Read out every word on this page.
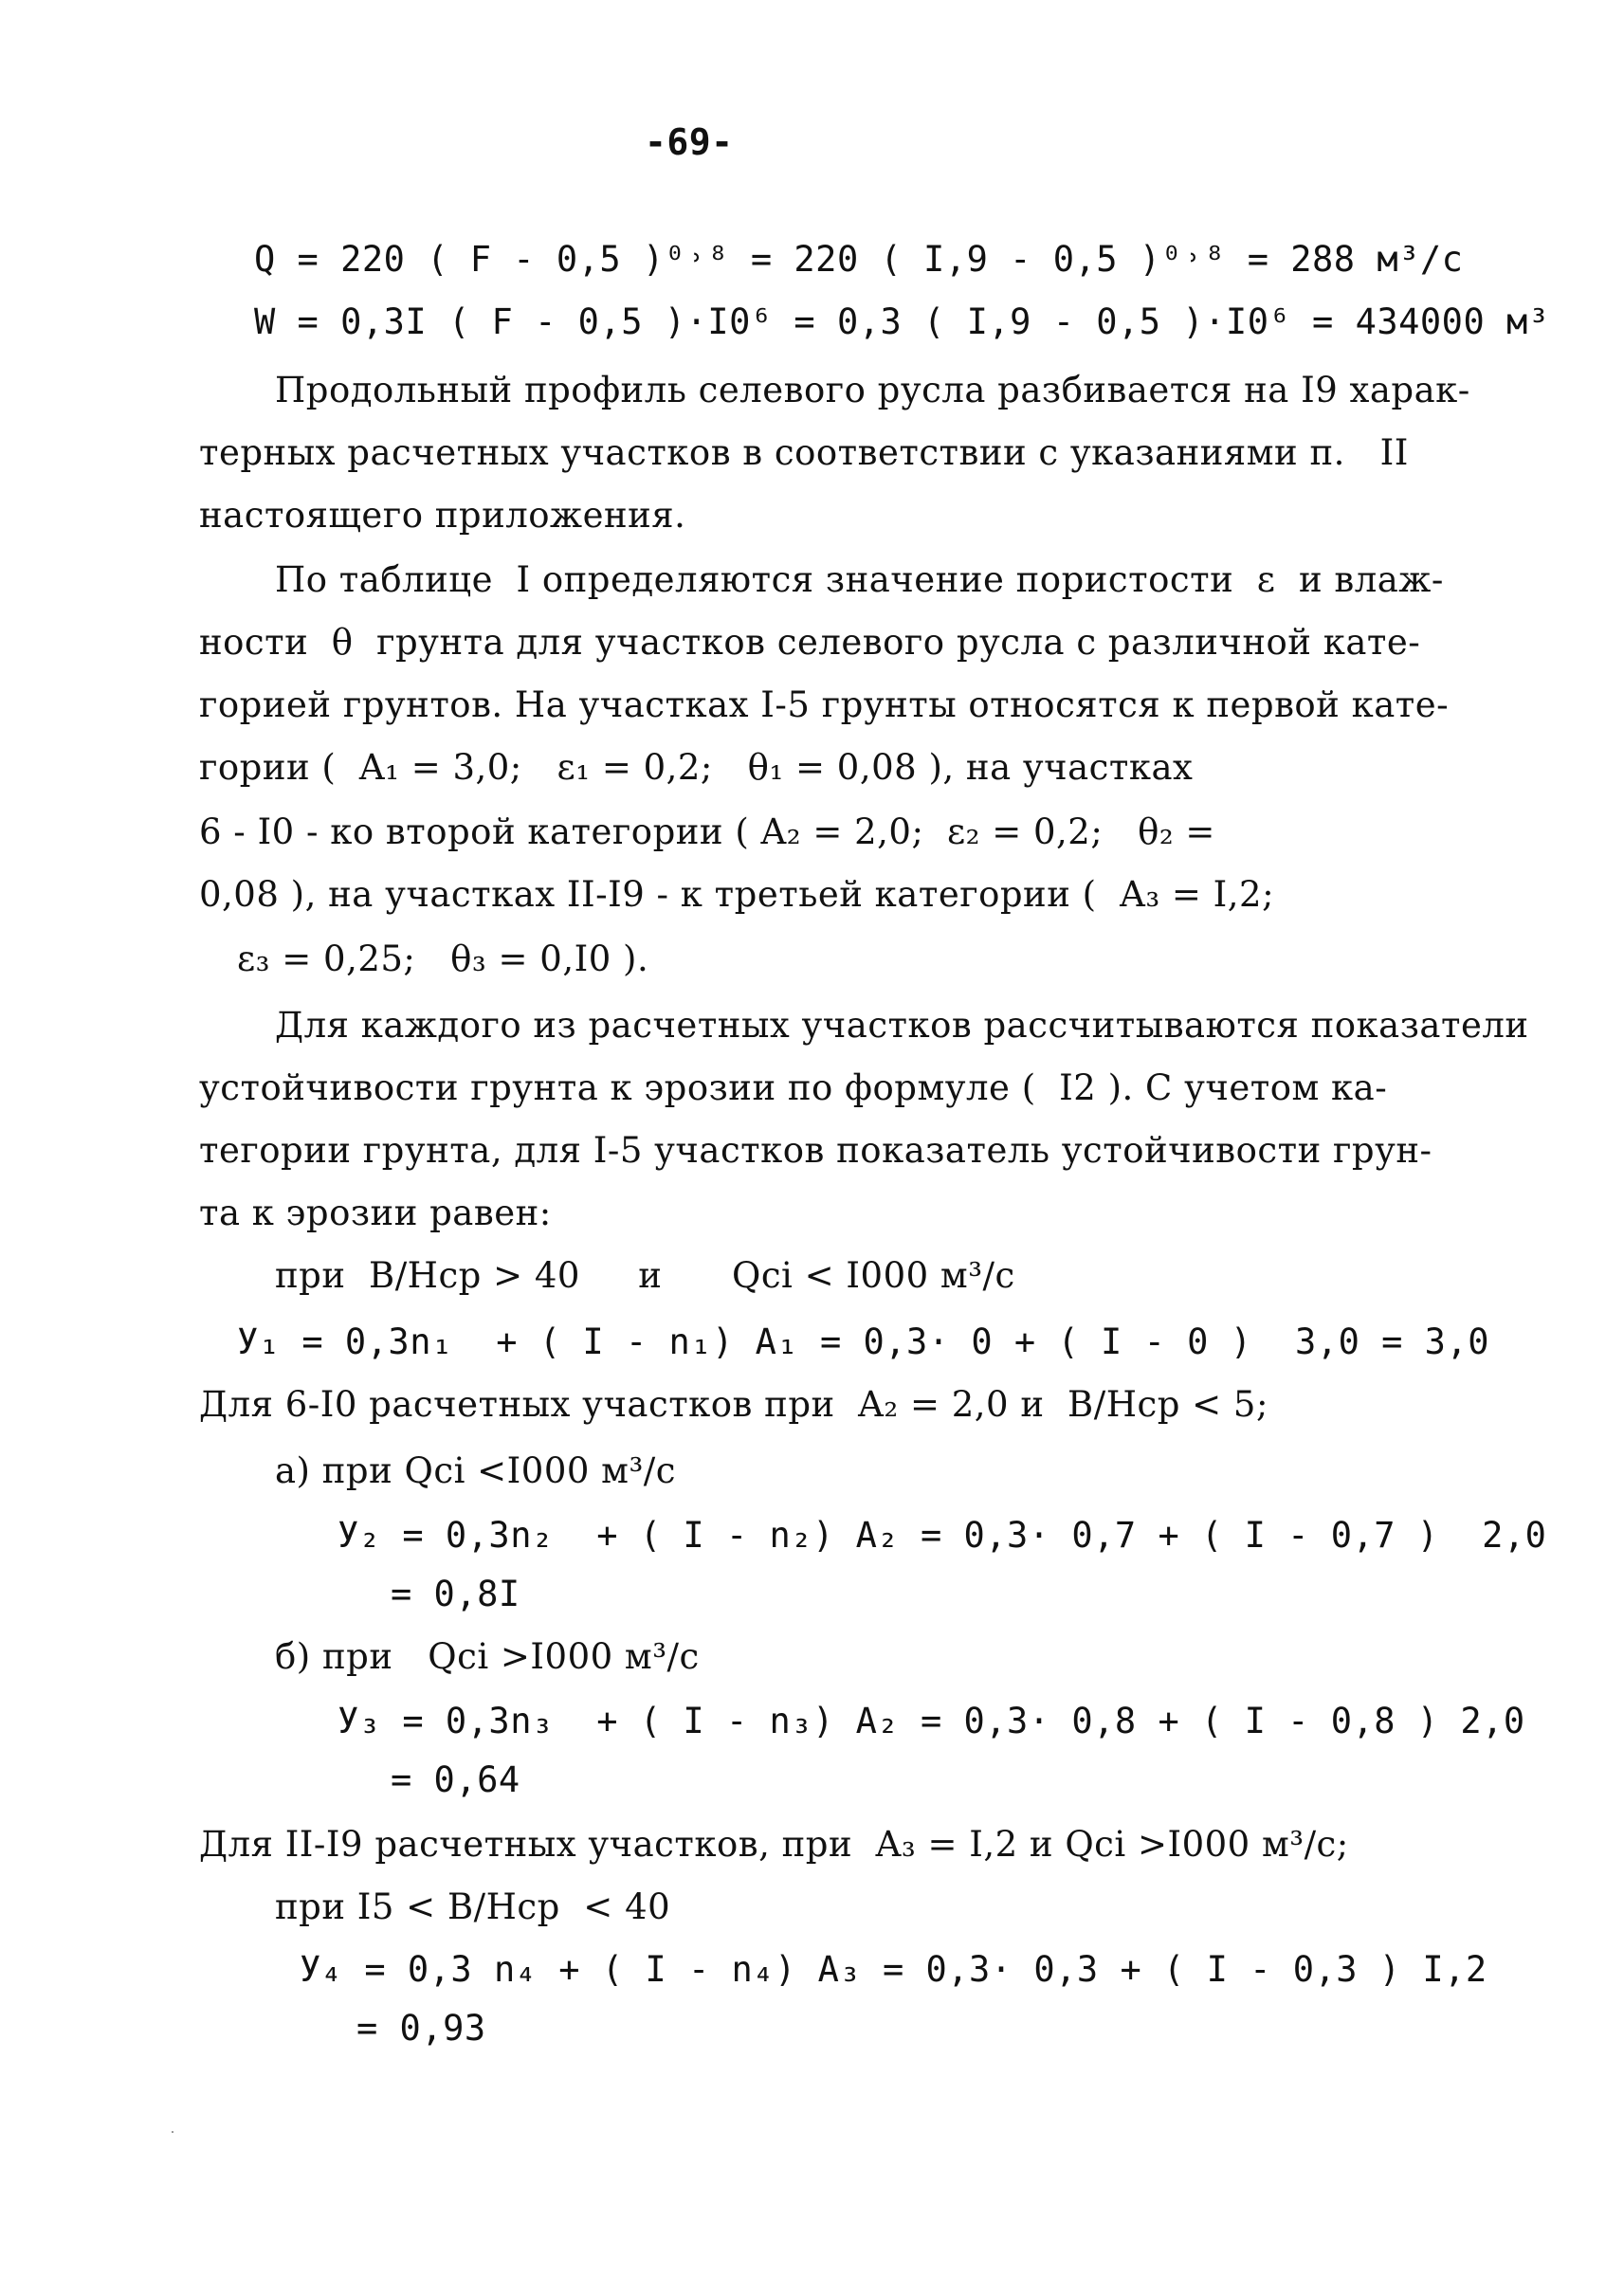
-69-
Q = 220 ( F - 0,5 )⁰˒⁸ = 220 ( I,9 - 0,5 )⁰˒⁸ = 288 м³/с
W = 0,3I ( F - 0,5 )·I0⁶ = 0,3 ( I,9 - 0,5 )·I0⁶ = 434000 м³
Продольный профиль селевого русла разбивается на I9 харак-
терных расчетных участков в соответствии с указаниями п.   II
настоящего приложения.
По таблице  I определяются значение пористости  ε  и влаж-
ности  θ  грунта для участков селевого русла с различной кате-
горией грунтов. На участках I-5 грунты относятся к первой кате-
гории (  A₁ = 3,0;   ε₁ = 0,2;   θ₁ = 0,08 ), на участках
6 - I0 - ко второй категории ( A₂ = 2,0;  ε₂ = 0,2;   θ₂ =
0,08 ), на участках II-I9 - к третьей категории (  A₃ = I,2;
ε₃ = 0,25;   θ₃ = 0,I0 ).
Для каждого из расчетных участков рассчитываются показатели
устойчивости грунта к эрозии по формуле (  I2 ). С учетом ка-
тегории грунта, для I-5 участков показатель устойчивости грун-
та к эрозии равен:
при  B/Hср > 40     и      Qсi < I000 м³/с
У₁ = 0,3n₁  + ( I - n₁) A₁ = 0,3· 0 + ( I - 0 )  3,0 = 3,0
Для 6-I0 расчетных участков при  A₂ = 2,0 и  B/Hср < 5;
а) при Qсi <I000 м³/с
У₂ = 0,3n₂  + ( I - n₂) A₂ = 0,3· 0,7 + ( I - 0,7 )  2,0
= 0,8I
б) при   Qсi >I000 м³/с
У₃ = 0,3n₃  + ( I - n₃) A₂ = 0,3· 0,8 + ( I - 0,8 ) 2,0
= 0,64
Для II-I9 расчетных участков, при  A₃ = I,2 и Qсi >I000 м³/с;
при I5 < B/Hср  < 40
У₄ = 0,3 n₄ + ( I - n₄) A₃ = 0,3· 0,3 + ( I - 0,3 ) I,2
= 0,93
